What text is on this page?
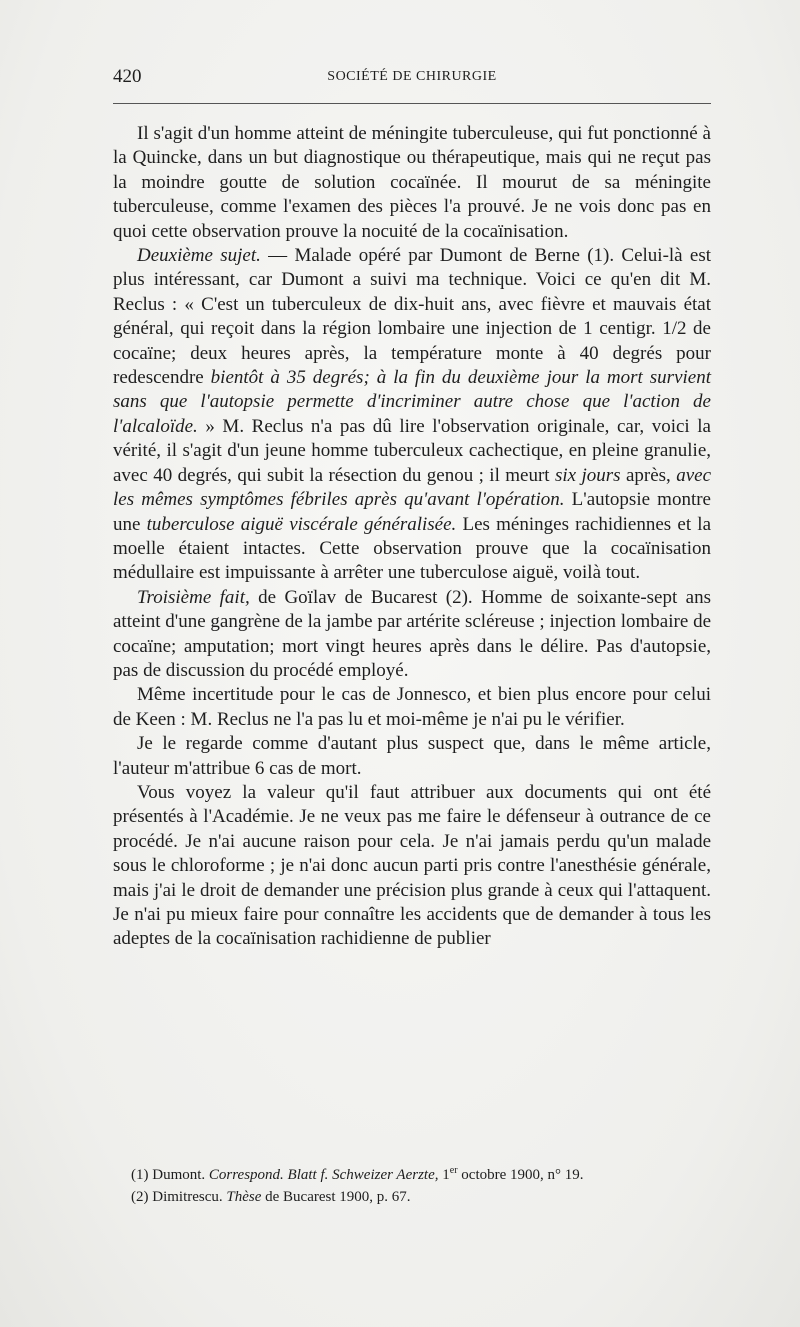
420	SOCIÉTÉ DE CHIRURGIE

Il s'agit d'un homme atteint de méningite tuberculeuse, qui fut ponctionné à la Quincke, dans un but diagnostique ou thérapeutique, mais qui ne reçut pas la moindre goutte de solution cocaïnée. Il mourut de sa méningite tuberculeuse, comme l'examen des pièces l'a prouvé. Je ne vois donc pas en quoi cette observation prouve la nocuité de la cocaïnisation.

Deuxième sujet. — Malade opéré par Dumont de Berne (1). Celui-là est plus intéressant, car Dumont a suivi ma technique. Voici ce qu'en dit M. Reclus : « C'est un tuberculeux de dix-huit ans, avec fièvre et mauvais état général, qui reçoit dans la région lombaire une injection de 1 centigr. 1/2 de cocaïne; deux heures après, la température monte à 40 degrés pour redescendre bientôt à 35 degrés; à la fin du deuxième jour la mort survient sans que l'autopsie permette d'incriminer autre chose que l'action de l'alcaloïde. » M. Reclus n'a pas dû lire l'observation originale, car, voici la vérité, il s'agit d'un jeune homme tuberculeux cachectique, en pleine granulie, avec 40 degrés, qui subit la résection du genou ; il meurt six jours après, avec les mêmes symptômes fébriles après qu'avant l'opération. L'autopsie montre une tuberculose aiguë viscérale généralisée. Les méninges rachidiennes et la moelle étaient intactes. Cette observation prouve que la cocaïnisation médullaire est impuissante à arrêter une tuberculose aiguë, voilà tout.

Troisième fait, de Goïlav de Bucarest (2). Homme de soixante-sept ans atteint d'une gangrène de la jambe par artérite scléreuse ; injection lombaire de cocaïne; amputation; mort vingt heures après dans le délire. Pas d'autopsie, pas de discussion du procédé employé.

Même incertitude pour le cas de Jonnesco, et bien plus encore pour celui de Keen : M. Reclus ne l'a pas lu et moi-même je n'ai pu le vérifier.

Je le regarde comme d'autant plus suspect que, dans le même article, l'auteur m'attribue 6 cas de mort.

Vous voyez la valeur qu'il faut attribuer aux documents qui ont été présentés à l'Académie. Je ne veux pas me faire le défenseur à outrance de ce procédé. Je n'ai aucune raison pour cela. Je n'ai jamais perdu qu'un malade sous le chloroforme ; je n'ai donc aucun parti pris contre l'anesthésie générale, mais j'ai le droit de demander une précision plus grande à ceux qui l'attaquent. Je n'ai pu mieux faire pour connaître les accidents que de demander à tous les adeptes de la cocaïnisation rachidienne de publier

(1) Dumont. Correspond. Blatt f. Schweizer Aerzte, 1er octobre 1900, n° 19.

(2) Dimitrescu. Thèse de Bucarest 1900, p. 67.
